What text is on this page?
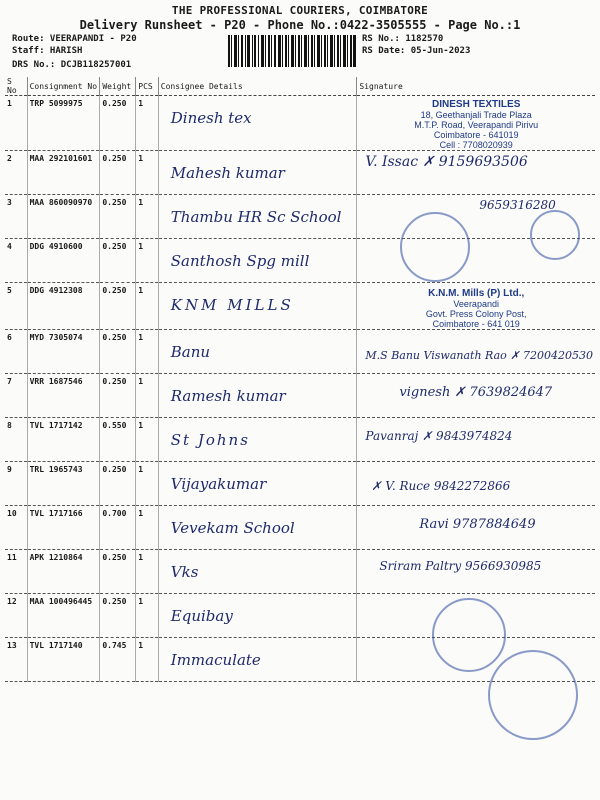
THE PROFESSIONAL COURIERS, COIMBATORE
Delivery Runsheet - P20 - Phone No.:0422-3505555 - Page No.:1
Route: VEERAPANDI - P20
Staff: HARISH
DRS No.: DCJB118257001
RS No.: 1182570
RS Date: 05-Jun-2023
S No	Consignment No	Weight	PCS	Consignee Details	Signature
1	TRP 5099975	0.250	1	Dinesh tex	DINESH TEXTILES
18, Geethanjali Trade Plaza
M.T.P. Road, Veerapandi Pirivu
Coimbatore - 641019
Cell : 7708020939

2	MAA 292101601	0.250	1	Mahesh kumar	V. Issac ✗ 9159693506

3	MAA 860090970	0.250	1	Thambu HR Sc School	9659316280

4	DDG 4910600	0.250	1	Santhosh Spg mill	

5	DDG 4912308	0.250	1	KNM MILLS	K.N.M. Mills (P) Ltd.,
Veerapandi
Govt. Press Colony Post,
Coimbatore - 641 019

6	MYD 7305074	0.250	1	Banu	M.S Banu Viswanath Rao ✗ 7200420530

7	VRR 1687546	0.250	1	Ramesh kumar	vignesh ✗ 7639824647

8	TVL 1717142	0.550	1	St Johns	Pavanraj ✗ 9843974824

9	TRL 1965743	0.250	1	Vijayakumar	✗ V. Ruce 9842272866

10	TVL 1717166	0.700	1	Vevekam School	Ravi 9787884649

11	APK 1210864	0.250	1	Vks	Sriram Paltry 9566930985

12	MAA 100496445	0.250	1	Equibay	

13	TVL 1717140	0.745	1	Immaculate	
